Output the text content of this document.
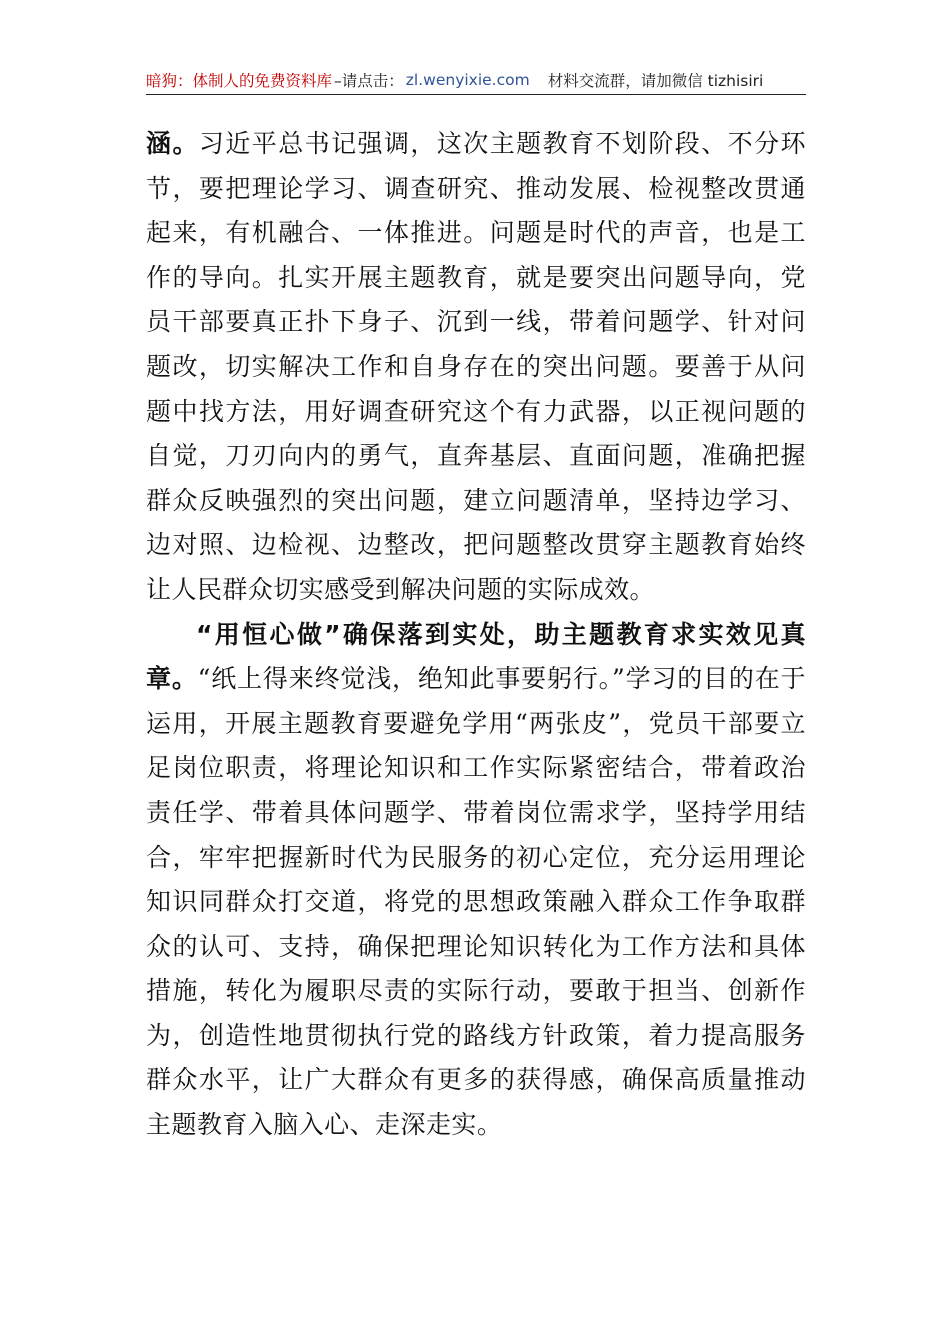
暗狗：体制人的免费资料库 –请点击： zl.wenyixie.com 材料交流群，请加微信 tizhisiri

涵。习近平总书记强调，这次主题教育不划阶段、不分环节，要把理论学习、调查研究、推动发展、检视整改贯通起来，有机融合、一体推进。问题是时代的声音，也是工作的导向。扎实开展主题教育，就是要突出问题导向，党员干部要真正扑下身子、沉到一线，带着问题学、针对问题改，切实解决工作和自身存在的突出问题。要善于从问题中找方法，用好调查研究这个有力武器，以正视问题的自觉，刀刃向内的勇气，直奔基层、直面问题，准确把握群众反映强烈的突出问题，建立问题清单，坚持边学习、边对照、边检视、边整改，把问题整改贯穿主题教育始终让人民群众切实感受到解决问题的实际成效。

“用恒心做”确保落到实处，助主题教育求实效见真章。“纸上得来终觉浅，绝知此事要躬行。”学习的目的在于运用，开展主题教育要避免学用“两张皮”，党员干部要立足岗位职责，将理论知识和工作实际紧密结合，带着政治责任学、带着具体问题学、带着岗位需求学，坚持学用结合，牢牢把握新时代为民服务的初心定位，充分运用理论知识同群众打交道，将党的思想政策融入群众工作争取群众的认可、支持，确保把理论知识转化为工作方法和具体措施，转化为履职尽责的实际行动，要敢于担当、创新作为，创造性地贯彻执行党的路线方针政策，着力提高服务群众水平，让广大群众有更多的获得感，确保高质量推动主题教育入脑入心、走深走实。
